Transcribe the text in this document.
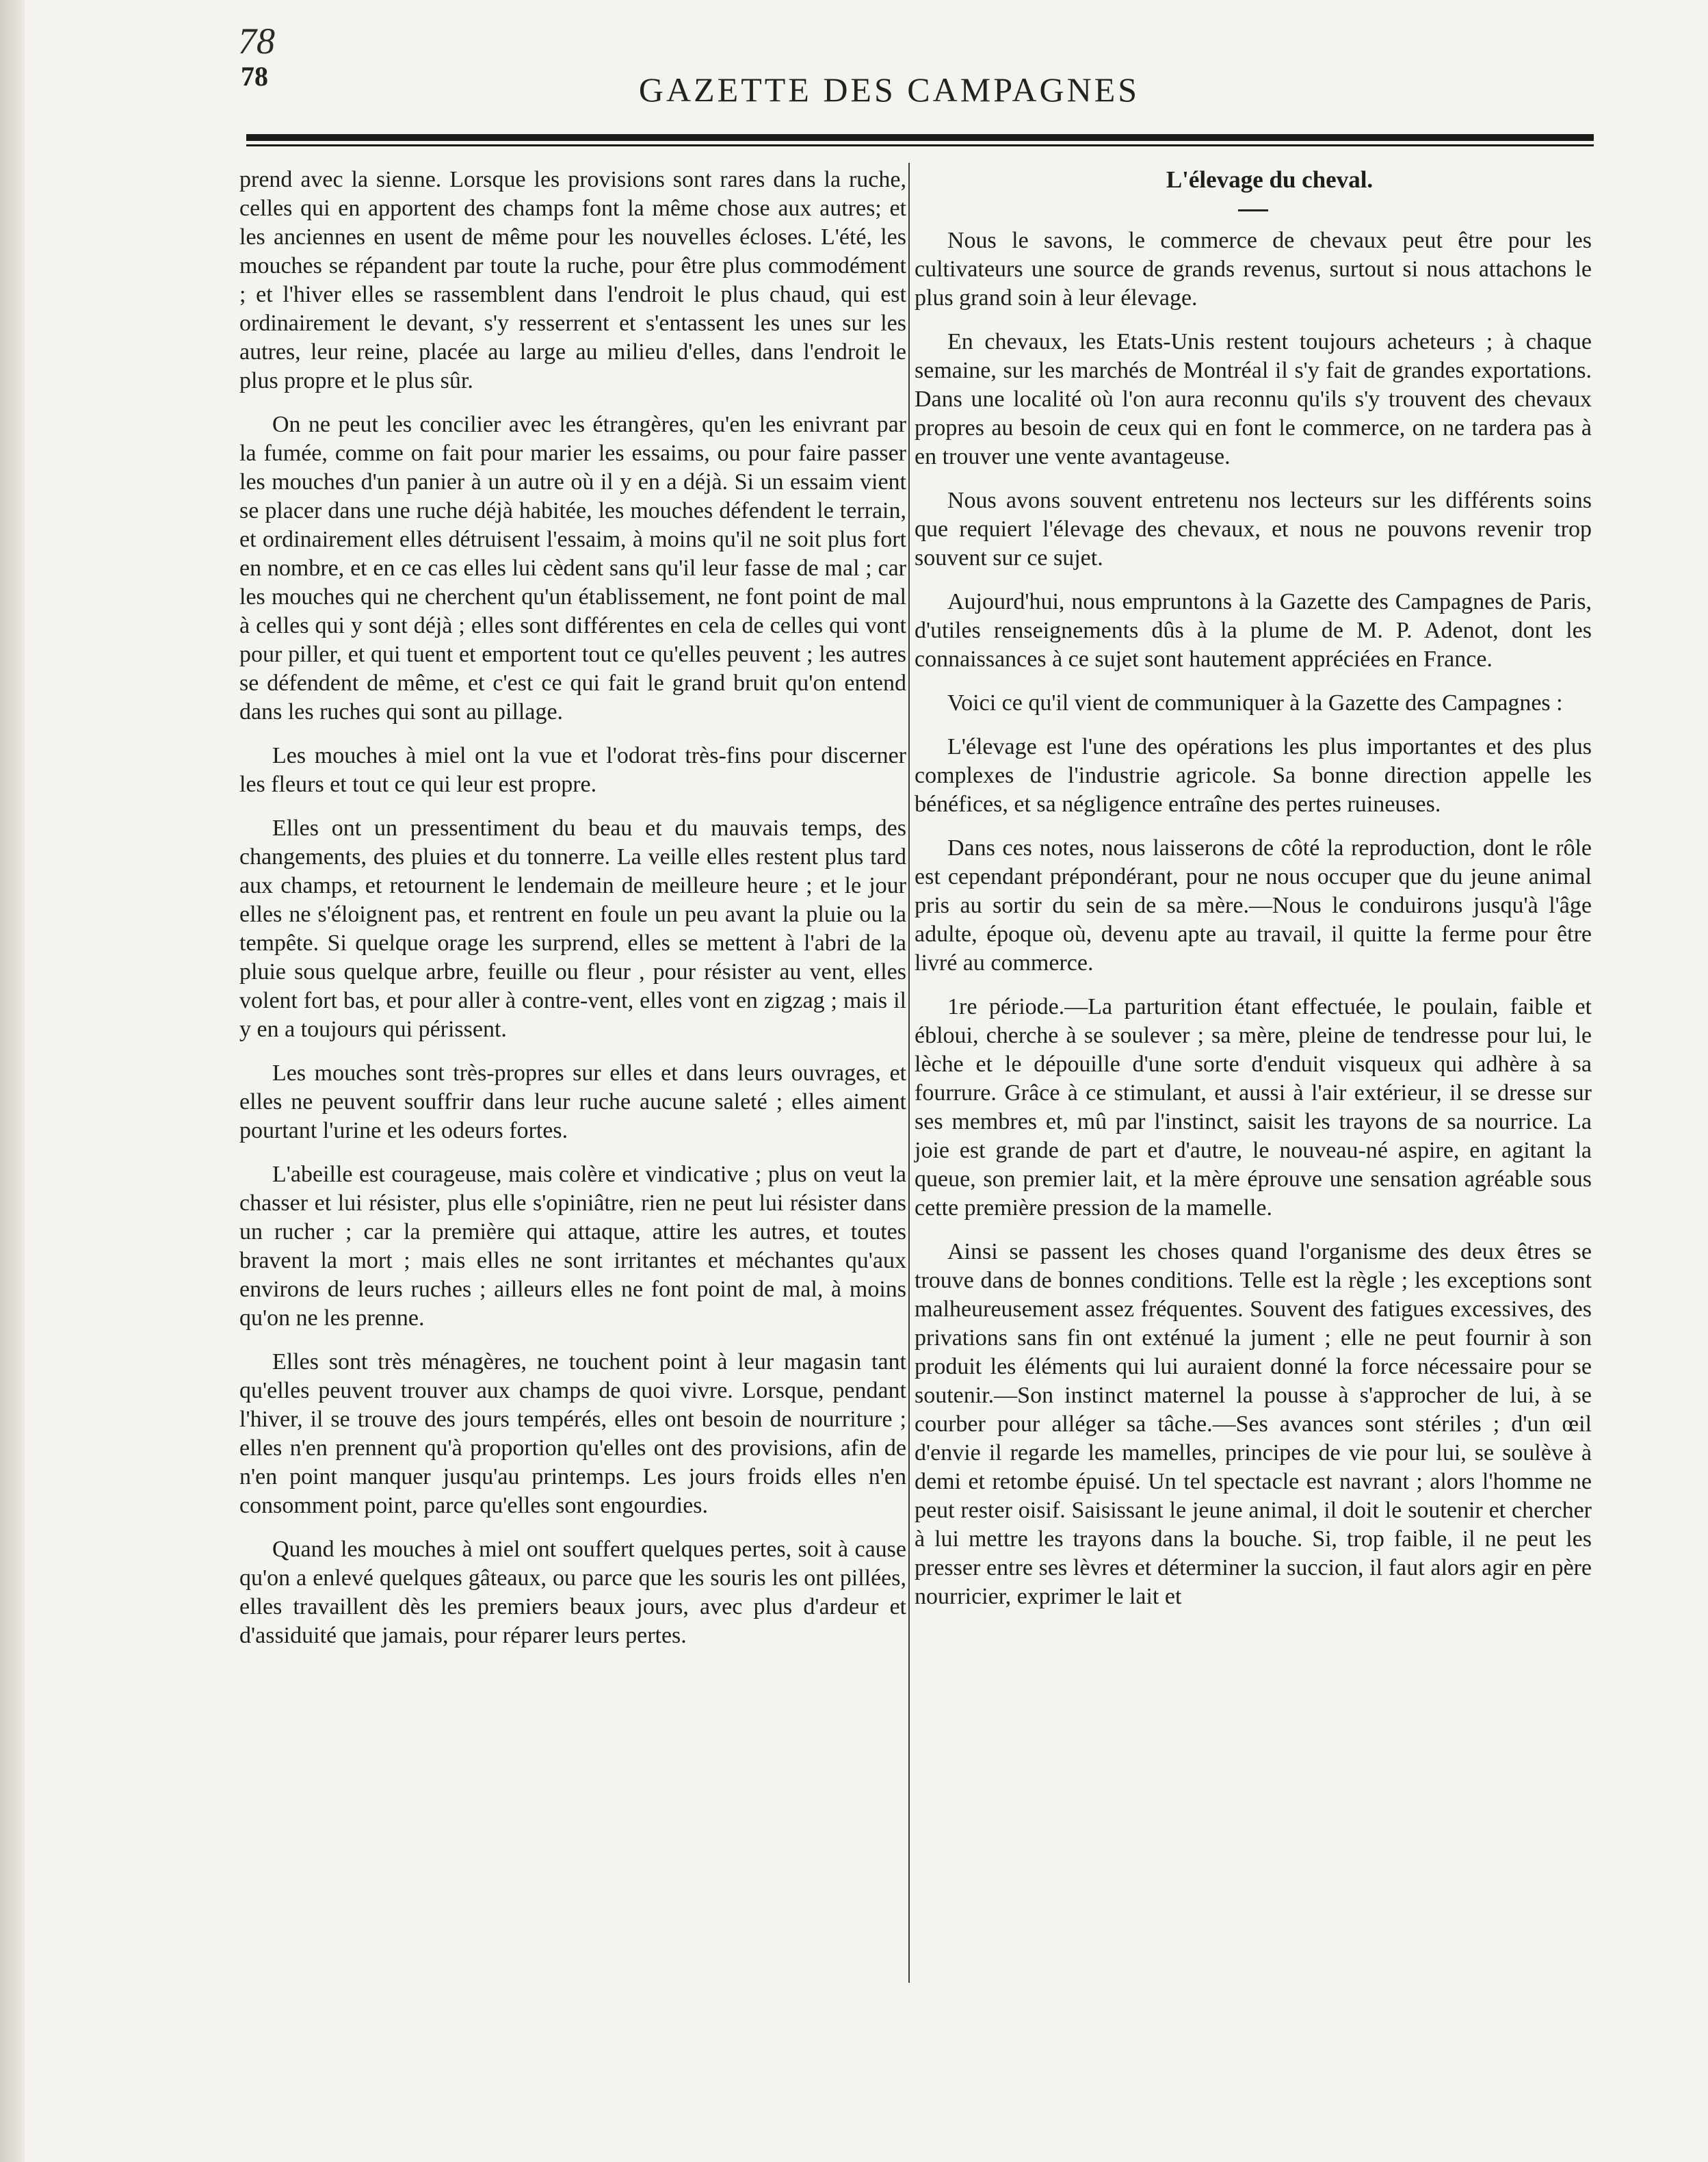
78
78	GAZETTE DES CAMPAGNES

prend avec la sienne. Lorsque les provisions sont rares dans la ruche, celles qui en apportent des champs font la même chose aux autres; et les anciennes en usent de même pour les nouvelles écloses. L'été, les mouches se répandent par toute la ruche, pour être plus commodément ; et l'hiver elles se rassemblent dans l'endroit le plus chaud, qui est ordinairement le devant, s'y resserrent et s'entassent les unes sur les autres, leur reine, placée au large au milieu d'elles, dans l'endroit le plus propre et le plus sûr.

On ne peut les concilier avec les étrangères, qu'en les enivrant par la fumée, comme on fait pour marier les essaims, ou pour faire passer les mouches d'un panier à un autre où il y en a déjà. Si un essaim vient se placer dans une ruche déjà habitée, les mouches défendent le terrain, et ordinairement elles détruisent l'essaim, à moins qu'il ne soit plus fort en nombre, et en ce cas elles lui cèdent sans qu'il leur fasse de mal ; car les mouches qui ne cherchent qu'un établissement, ne font point de mal à celles qui y sont déjà ; elles sont différentes en cela de celles qui vont pour piller, et qui tuent et emportent tout ce qu'elles peuvent ; les autres se défendent de même, et c'est ce qui fait le grand bruit qu'on entend dans les ruches qui sont au pillage.

Les mouches à miel ont la vue et l'odorat très-fins pour discerner les fleurs et tout ce qui leur est propre.

Elles ont un pressentiment du beau et du mauvais temps, des changements, des pluies et du tonnerre. La veille elles restent plus tard aux champs, et retournent le lendemain de meilleure heure ; et le jour elles ne s'éloignent pas, et rentrent en foule un peu avant la pluie ou la tempête. Si quelque orage les surprend, elles se mettent à l'abri de la pluie sous quelque arbre, feuille ou fleur , pour résister au vent, elles volent fort bas, et pour aller à contre-vent, elles vont en zigzag ; mais il y en a toujours qui périssent.

Les mouches sont très-propres sur elles et dans leurs ouvrages, et elles ne peuvent souffrir dans leur ruche aucune saleté ; elles aiment pourtant l'urine et les odeurs fortes.

L'abeille est courageuse, mais colère et vindicative ; plus on veut la chasser et lui résister, plus elle s'opiniâtre, rien ne peut lui résister dans un rucher ; car la première qui attaque, attire les autres, et toutes bravent la mort ; mais elles ne sont irritantes et méchantes qu'aux environs de leurs ruches ; ailleurs elles ne font point de mal, à moins qu'on ne les prenne.

Elles sont très ménagères, ne touchent point à leur magasin tant qu'elles peuvent trouver aux champs de quoi vivre. Lorsque, pendant l'hiver, il se trouve des jours tempérés, elles ont besoin de nourriture ; elles n'en prennent qu'à proportion qu'elles ont des provisions, afin de n'en point manquer jusqu'au printemps. Les jours froids elles n'en consomment point, parce qu'elles sont engourdies.

Quand les mouches à miel ont souffert quelques pertes, soit à cause qu'on a enlevé quelques gâteaux, ou parce que les souris les ont pillées, elles travaillent dès les premiers beaux jours, avec plus d'ardeur et d'assiduité que jamais, pour réparer leurs pertes.

L'élevage du cheval.

Nous le savons, le commerce de chevaux peut être pour les cultivateurs une source de grands revenus, surtout si nous attachons le plus grand soin à leur élevage.

En chevaux, les Etats-Unis restent toujours acheteurs ; à chaque semaine, sur les marchés de Montréal il s'y fait de grandes exportations. Dans une localité où l'on aura reconnu qu'ils s'y trouvent des chevaux propres au besoin de ceux qui en font le commerce, on ne tardera pas à en trouver une vente avantageuse.

Nous avons souvent entretenu nos lecteurs sur les différents soins que requiert l'élevage des chevaux, et nous ne pouvons revenir trop souvent sur ce sujet.

Aujourd'hui, nous empruntons à la Gazette des Campagnes de Paris, d'utiles renseignements dûs à la plume de M. P. Adenot, dont les connaissances à ce sujet sont hautement appréciées en France.

Voici ce qu'il vient de communiquer à la Gazette des Campagnes :

L'élevage est l'une des opérations les plus importantes et des plus complexes de l'industrie agricole. Sa bonne direction appelle les bénéfices, et sa négligence entraîne des pertes ruineuses.

Dans ces notes, nous laisserons de côté la reproduction, dont le rôle est cependant prépondérant, pour ne nous occuper que du jeune animal pris au sortir du sein de sa mère.—Nous le conduirons jusqu'à l'âge adulte, époque où, devenu apte au travail, il quitte la ferme pour être livré au commerce.

1re période.—La parturition étant effectuée, le poulain, faible et ébloui, cherche à se soulever ; sa mère, pleine de tendresse pour lui, le lèche et le dépouille d'une sorte d'enduit visqueux qui adhère à sa fourrure. Grâce à ce stimulant, et aussi à l'air extérieur, il se dresse sur ses membres et, mû par l'instinct, saisit les trayons de sa nourrice. La joie est grande de part et d'autre, le nouveau-né aspire, en agitant la queue, son premier lait, et la mère éprouve une sensation agréable sous cette première pression de la mamelle.

Ainsi se passent les choses quand l'organisme des deux êtres se trouve dans de bonnes conditions. Telle est la règle ; les exceptions sont malheureusement assez fréquentes. Souvent des fatigues excessives, des privations sans fin ont exténué la jument ; elle ne peut fournir à son produit les éléments qui lui auraient donné la force nécessaire pour se soutenir.—Son instinct maternel la pousse à s'approcher de lui, à se courber pour alléger sa tâche.—Ses avances sont stériles ; d'un œil d'envie il regarde les mamelles, principes de vie pour lui, se soulève à demi et retombe épuisé. Un tel spectacle est navrant ; alors l'homme ne peut rester oisif. Saisissant le jeune animal, il doit le soutenir et chercher à lui mettre les trayons dans la bouche. Si, trop faible, il ne peut les presser entre ses lèvres et déterminer la succion, il faut alors agir en père nourricier, exprimer le lait et
